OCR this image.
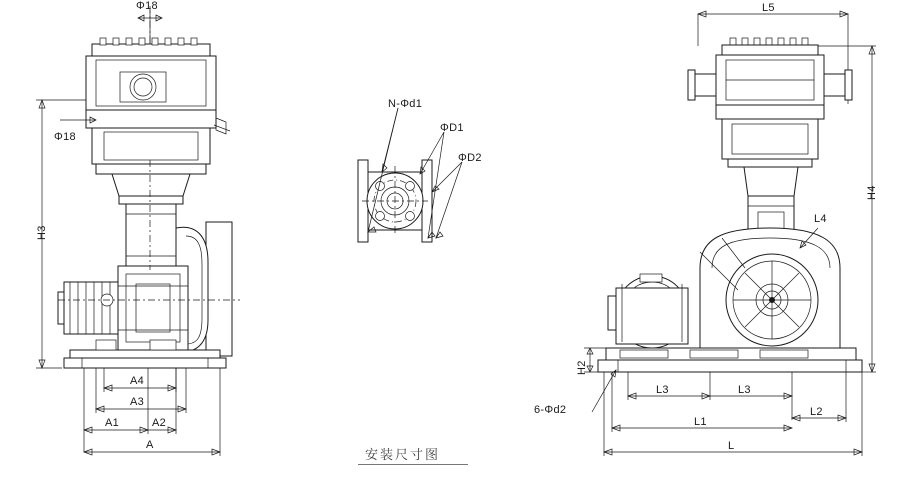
Φ18
Φ18
H3
A4
A3
A1	A2
A
N-Φd1
ΦD1
ΦD2
L5
H4
L4
H2
6-Φd2
L3	L3
L2
L1
L
安装尺寸图
